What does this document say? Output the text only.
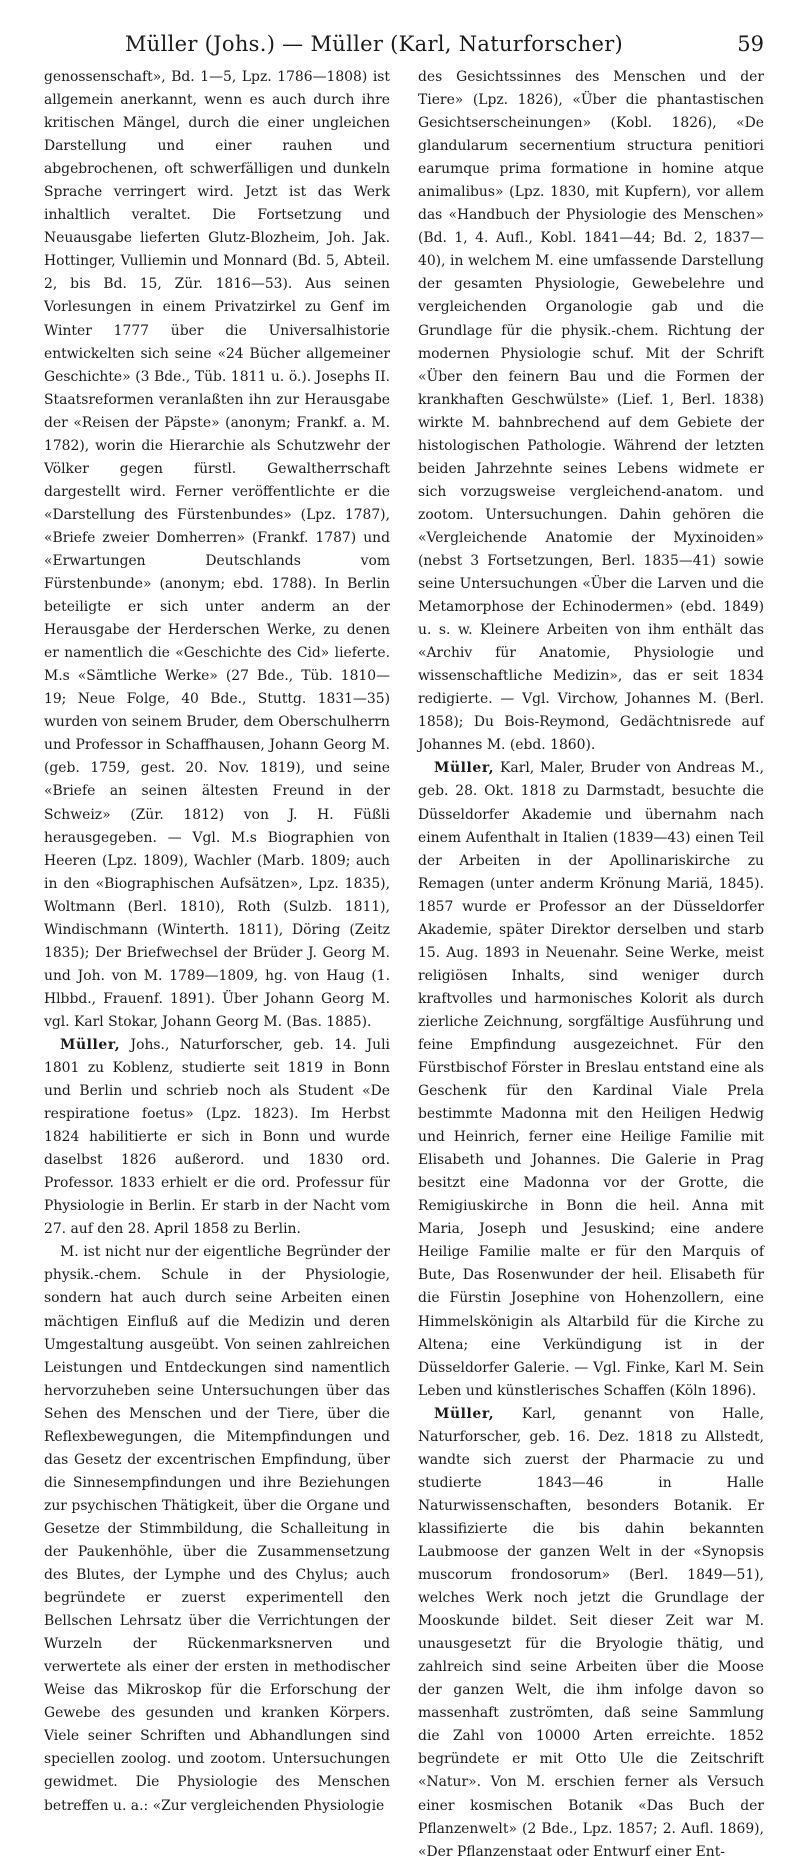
Müller (Johs.) — Müller (Karl, Naturforscher)	59

genossenschaft», Bd. 1—5, Lpz. 1786—1808) ist allgemein anerkannt, wenn es auch durch ihre kritischen Mängel, durch die einer ungleichen Darstellung und einer rauhen und abgebrochenen, oft schwerfälligen und dunkeln Sprache verringert wird. Jetzt ist das Werk inhaltlich veraltet. Die Fortsetzung und Neuausgabe lieferten Glutz-Blozheim, Joh. Jak. Hottinger, Vulliemin und Monnard (Bd. 5, Abteil. 2, bis Bd. 15, Zür. 1816—53). Aus seinen Vorlesungen in einem Privatzirkel zu Genf im Winter 1777 über die Universalhistorie entwickelten sich seine «24 Bücher allgemeiner Geschichte» (3 Bde., Tüb. 1811 u. ö.). Josephs II. Staatsreformen veranlaßten ihn zur Herausgabe der «Reisen der Päpste» (anonym; Frankf. a. M. 1782), worin die Hierarchie als Schutzwehr der Völker gegen fürstl. Gewaltherrschaft dargestellt wird. Ferner veröffentlichte er die «Darstellung des Fürstenbundes» (Lpz. 1787), «Briefe zweier Domherren» (Frankf. 1787) und «Erwartungen Deutschlands vom Fürstenbunde» (anonym; ebd. 1788). In Berlin beteiligte er sich unter anderm an der Herausgabe der Herderschen Werke, zu denen er namentlich die «Geschichte des Cid» lieferte. M.s «Sämtliche Werke» (27 Bde., Tüb. 1810—19; Neue Folge, 40 Bde., Stuttg. 1831—35) wurden von seinem Bruder, dem Oberschulherrn und Professor in Schaffhausen, Johann Georg M. (geb. 1759, gest. 20. Nov. 1819), und seine «Briefe an seinen ältesten Freund in der Schweiz» (Zür. 1812) von J. H. Füßli herausgegeben. — Vgl. M.s Biographien von Heeren (Lpz. 1809), Wachler (Marb. 1809; auch in den «Biographischen Aufsätzen», Lpz. 1835), Woltmann (Berl. 1810), Roth (Sulzb. 1811), Windischmann (Winterth. 1811), Döring (Zeitz 1835); Der Briefwechsel der Brüder J. Georg M. und Joh. von M. 1789—1809, hg. von Haug (1. Hlbbd., Frauenf. 1891). Über Johann Georg M. vgl. Karl Stokar, Johann Georg M. (Bas. 1885).

Müller, Johs., Naturforscher, geb. 14. Juli 1801 zu Koblenz, studierte seit 1819 in Bonn und Berlin und schrieb noch als Student «De respiratione foetus» (Lpz. 1823). Im Herbst 1824 habilitierte er sich in Bonn und wurde daselbst 1826 außerord. und 1830 ord. Professor. 1833 erhielt er die ord. Professur für Physiologie in Berlin. Er starb in der Nacht vom 27. auf den 28. April 1858 zu Berlin.

M. ist nicht nur der eigentliche Begründer der physik.-chem. Schule in der Physiologie, sondern hat auch durch seine Arbeiten einen mächtigen Einfluß auf die Medizin und deren Umgestaltung ausgeübt. Von seinen zahlreichen Leistungen und Entdeckungen sind namentlich hervorzuheben seine Untersuchungen über das Sehen des Menschen und der Tiere, über die Reflexbewegungen, die Mitempfindungen und das Gesetz der excentrischen Empfindung, über die Sinnesempfindungen und ihre Beziehungen zur psychischen Thätigkeit, über die Organe und Gesetze der Stimmbildung, die Schalleitung in der Paukenhöhle, über die Zusammensetzung des Blutes, der Lymphe und des Chylus; auch begründete er zuerst experimentell den Bellschen Lehrsatz über die Verrichtungen der Wurzeln der Rückenmarksnerven und verwertete als einer der ersten in methodischer Weise das Mikroskop für die Erforschung der Gewebe des gesunden und kranken Körpers. Viele seiner Schriften und Abhandlungen sind speciellen zoolog. und zootom. Untersuchungen gewidmet. Die Physiologie des Menschen betreffen u. a.: «Zur vergleichenden Physiologie

des Gesichtssinnes des Menschen und der Tiere» (Lpz. 1826), «Über die phantastischen Gesichtserscheinungen» (Kobl. 1826), «De glandularum secernentium structura penitiori earumque prima formatione in homine atque animalibus» (Lpz. 1830, mit Kupfern), vor allem das «Handbuch der Physiologie des Menschen» (Bd. 1, 4. Aufl., Kobl. 1841—44; Bd. 2, 1837—40), in welchem M. eine umfassende Darstellung der gesamten Physiologie, Gewebelehre und vergleichenden Organologie gab und die Grundlage für die physik.-chem. Richtung der modernen Physiologie schuf. Mit der Schrift «Über den feinern Bau und die Formen der krankhaften Geschwülste» (Lief. 1, Berl. 1838) wirkte M. bahnbrechend auf dem Gebiete der histologischen Pathologie. Während der letzten beiden Jahrzehnte seines Lebens widmete er sich vorzugsweise vergleichend-anatom. und zootom. Untersuchungen. Dahin gehören die «Vergleichende Anatomie der Myxinoiden» (nebst 3 Fortsetzungen, Berl. 1835—41) sowie seine Untersuchungen «Über die Larven und die Metamorphose der Echinodermen» (ebd. 1849) u. s. w. Kleinere Arbeiten von ihm enthält das «Archiv für Anatomie, Physiologie und wissenschaftliche Medizin», das er seit 1834 redigierte. — Vgl. Virchow, Johannes M. (Berl. 1858); Du Bois-Reymond, Gedächtnisrede auf Johannes M. (ebd. 1860).

Müller, Karl, Maler, Bruder von Andreas M., geb. 28. Okt. 1818 zu Darmstadt, besuchte die Düsseldorfer Akademie und übernahm nach einem Aufenthalt in Italien (1839—43) einen Teil der Arbeiten in der Apollinariskirche zu Remagen (unter anderm Krönung Mariä, 1845). 1857 wurde er Professor an der Düsseldorfer Akademie, später Direktor derselben und starb 15. Aug. 1893 in Neuenahr. Seine Werke, meist religiösen Inhalts, sind weniger durch kraftvolles und harmonisches Kolorit als durch zierliche Zeichnung, sorgfältige Ausführung und feine Empfindung ausgezeichnet. Für den Fürstbischof Förster in Breslau entstand eine als Geschenk für den Kardinal Viale Prela bestimmte Madonna mit den Heiligen Hedwig und Heinrich, ferner eine Heilige Familie mit Elisabeth und Johannes. Die Galerie in Prag besitzt eine Madonna vor der Grotte, die Remigiuskirche in Bonn die heil. Anna mit Maria, Joseph und Jesuskind; eine andere Heilige Familie malte er für den Marquis of Bute, Das Rosenwunder der heil. Elisabeth für die Fürstin Josephine von Hohenzollern, eine Himmelskönigin als Altarbild für die Kirche zu Altena; eine Verkündigung ist in der Düsseldorfer Galerie. — Vgl. Finke, Karl M. Sein Leben und künstlerisches Schaffen (Köln 1896).

Müller, Karl, genannt von Halle, Naturforscher, geb. 16. Dez. 1818 zu Allstedt, wandte sich zuerst der Pharmacie zu und studierte 1843—46 in Halle Naturwissenschaften, besonders Botanik. Er klassifizierte die bis dahin bekannten Laubmoose der ganzen Welt in der «Synopsis muscorum frondosorum» (Berl. 1849—51), welches Werk noch jetzt die Grundlage der Mooskunde bildet. Seit dieser Zeit war M. unausgesetzt für die Bryologie thätig, und zahlreich sind seine Arbeiten über die Moose der ganzen Welt, die ihm infolge davon so massenhaft zuströmten, daß seine Sammlung die Zahl von 10000 Arten erreichte. 1852 begründete er mit Otto Ule die Zeitschrift «Natur». Von M. erschien ferner als Versuch einer kosmischen Botanik «Das Buch der Pflanzenwelt» (2 Bde., Lpz. 1857; 2. Aufl. 1869), «Der Pflanzenstaat oder Entwurf einer Ent-
